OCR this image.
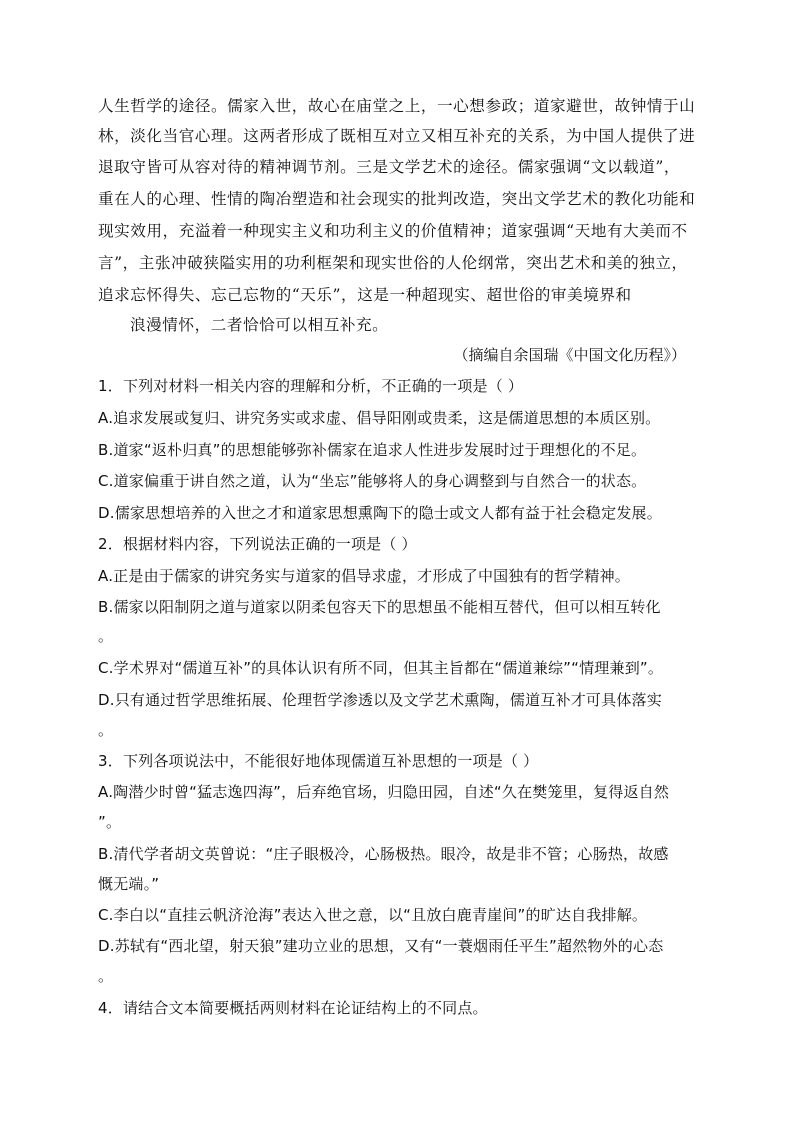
人生哲学的途径。儒家入世，故心在庙堂之上，一心想参政；道家避世，故钟情于山
林，淡化当官心理。这两者形成了既相互对立又相互补充的关系，为中国人提供了进
退取守皆可从容对待的精神调节剂。三是文学艺术的途径。儒家强调“文以载道”，
重在人的心理、性情的陶冶塑造和社会现实的批判改造，突出文学艺术的教化功能和
现实效用，充溢着一种现实主义和功利主义的价值精神；道家强调“天地有大美而不
言”，主张冲破狭隘实用的功利框架和现实世俗的人伦纲常，突出艺术和美的独立，
追求忘怀得失、忘己忘物的“天乐”，这是一种超现实、超世俗的审美境界和
浪漫情怀，二者恰恰可以相互补充。
（摘编自余国瑞《中国文化历程》）
1．下列对材料一相关内容的理解和分析，不正确的一项是（ ）
A.追求发展或复归、讲究务实或求虚、倡导阳刚或贵柔，这是儒道思想的本质区别。
B.道家“返朴归真”的思想能够弥补儒家在追求人性进步发展时过于理想化的不足。
C.道家偏重于讲自然之道，认为“坐忘”能够将人的身心调整到与自然合一的状态。
D.儒家思想培养的入世之才和道家思想熏陶下的隐士或文人都有益于社会稳定发展。
2．根据材料内容，下列说法正确的一项是（ ）
A.正是由于儒家的讲究务实与道家的倡导求虚，才形成了中国独有的哲学精神。
B.儒家以阳制阴之道与道家以阴柔包容天下的思想虽不能相互替代，但可以相互转化
。
C.学术界对“儒道互补”的具体认识有所不同，但其主旨都在“儒道兼综”“情理兼到”。
D.只有通过哲学思维拓展、伦理哲学渗透以及文学艺术熏陶，儒道互补才可具体落实
。
3．下列各项说法中，不能很好地体现儒道互补思想的一项是（ ）
A.陶潜少时曾“猛志逸四海”，后弃绝官场，归隐田园，自述“久在樊笼里，复得返自然
”。
B.清代学者胡文英曾说：“庄子眼极冷，心肠极热。眼冷，故是非不管；心肠热，故感
慨无端。”
C.李白以“直挂云帆济沧海”表达入世之意，以“且放白鹿青崖间”的旷达自我排解。
D.苏轼有“西北望，射天狼”建功立业的思想，又有“一蓑烟雨任平生”超然物外的心态
。
4．请结合文本简要概括两则材料在论证结构上的不同点。
